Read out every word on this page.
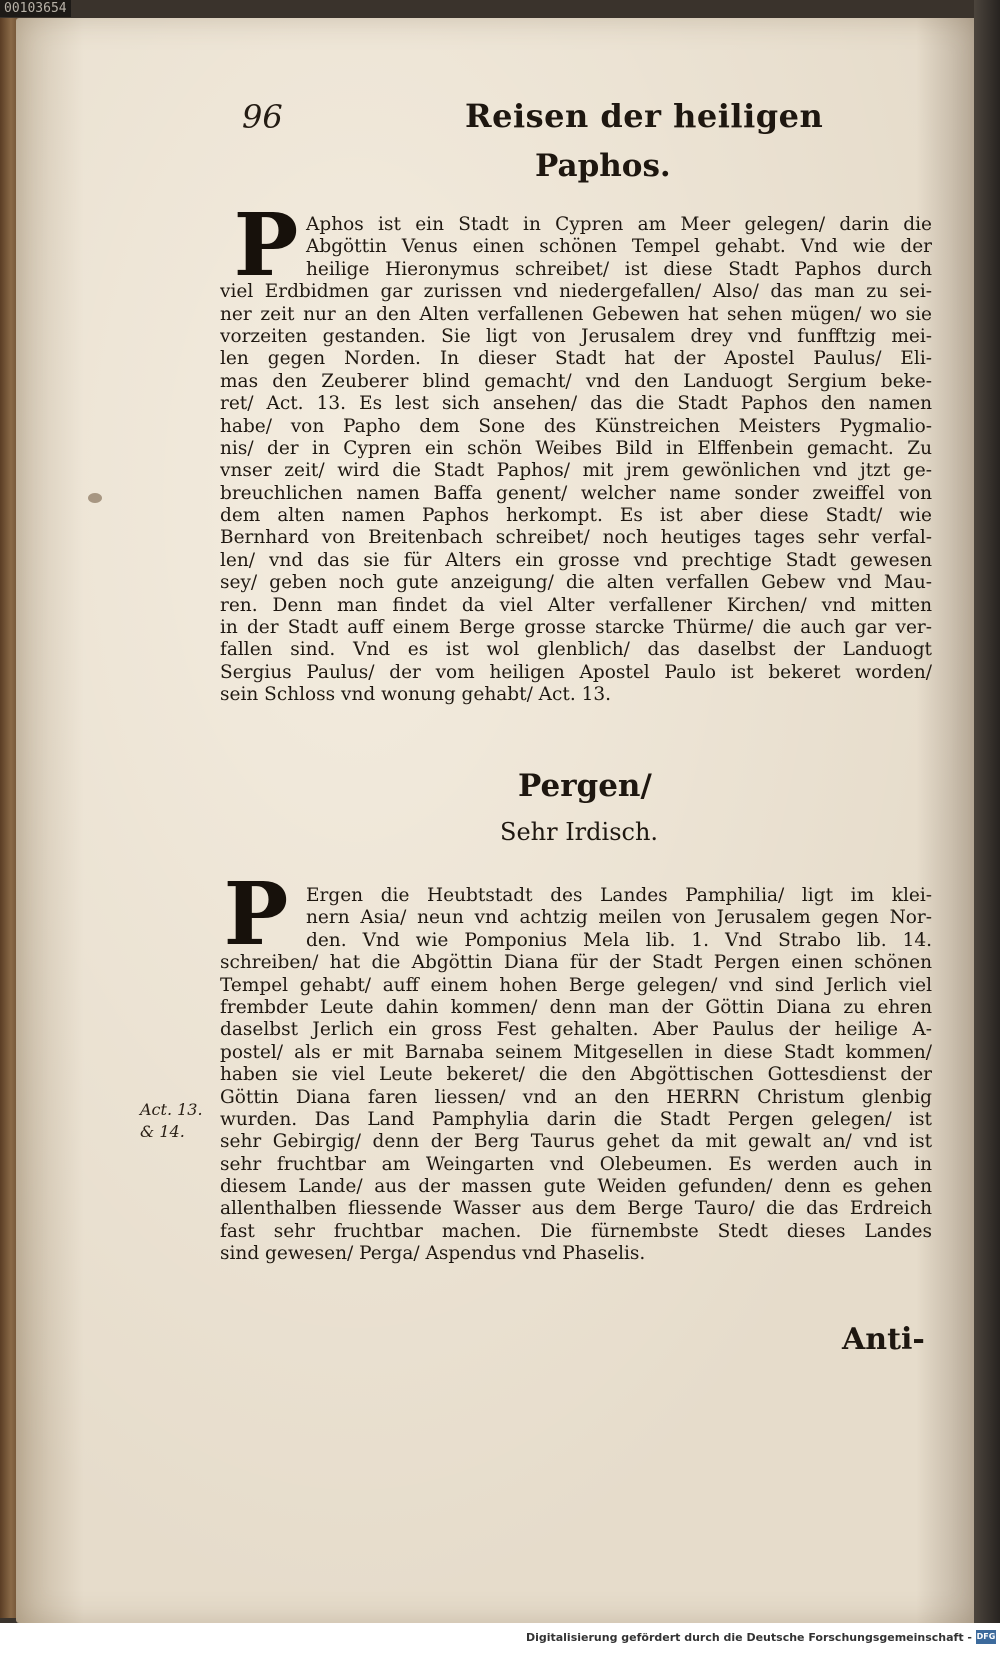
00103654
96	Reisen der heiligen
Paphos.
P Aphos ist ein Stadt in Cypren am Meer gelegen/ darin die
Abgöttin Venus einen schönen Tempel gehabt. Vnd wie der
heilige Hieronymus schreibet/ ist diese Stadt Paphos durch
viel Erdbidmen gar zurissen vnd niedergefallen/ Also/ das man zu sei-
ner zeit nur an den Alten verfallenen Gebewen hat sehen mügen/ wo sie
vorzeiten gestanden. Sie ligt von Jerusalem drey vnd funfftzig mei-
len gegen Norden. In dieser Stadt hat der Apostel Paulus/ Eli-
mas den Zeuberer blind gemacht/ vnd den Landuogt Sergium beke-
ret/ Act. 13. Es lest sich ansehen/ das die Stadt Paphos den namen
habe/ von Papho dem Sone des Künstreichen Meisters Pygmalio-
nis/ der in Cypren ein schön Weibes Bild in Elffenbein gemacht. Zu
vnser zeit/ wird die Stadt Paphos/ mit jrem gewönlichen vnd jtzt ge-
breuchlichen namen Baffa genent/ welcher name sonder zweiffel von
dem alten namen Paphos herkompt. Es ist aber diese Stadt/ wie
Bernhard von Breitenbach schreibet/ noch heutiges tages sehr verfal-
len/ vnd das sie für Alters ein grosse vnd prechtige Stadt gewesen
sey/ geben noch gute anzeigung/ die alten verfallen Gebew vnd Mau-
ren. Denn man findet da viel Alter verfallener Kirchen/ vnd mitten
in der Stadt auff einem Berge grosse starcke Thürme/ die auch gar ver-
fallen sind. Vnd es ist wol glenblich/ das daselbst der Landuogt
Sergius Paulus/ der vom heiligen Apostel Paulo ist bekeret worden/
sein Schloss vnd wonung gehabt/ Act. 13.
Pergen/
Sehr Irdisch.
P Ergen die Heubtstadt des Landes Pamphilia/ ligt im klei-
nern Asia/ neun vnd achtzig meilen von Jerusalem gegen Nor-
den. Vnd wie Pomponius Mela lib. 1. Vnd Strabo lib. 14.
schreiben/ hat die Abgöttin Diana für der Stadt Pergen einen schönen
Tempel gehabt/ auff einem hohen Berge gelegen/ vnd sind Jerlich viel
frembder Leute dahin kommen/ denn man der Göttin Diana zu ehren
daselbst Jerlich ein gross Fest gehalten. Aber Paulus der heilige A-
postel/ als er mit Barnaba seinem Mitgesellen in diese Stadt kommen/
haben sie viel Leute bekeret/ die den Abgöttischen Gottesdienst der
Göttin Diana faren liessen/ vnd an den HERRN Christum glenbig
wurden. Das Land Pamphylia darin die Stadt Pergen gelegen/ ist
sehr Gebirgig/ denn der Berg Taurus gehet da mit gewalt an/ vnd ist
sehr fruchtbar am Weingarten vnd Olebeumen. Es werden auch in
diesem Lande/ aus der massen gute Weiden gefunden/ denn es gehen
allenthalben fliessende Wasser aus dem Berge Tauro/ die das Erdreich
fast sehr fruchtbar machen. Die fürnembste Stedt dieses Landes
sind gewesen/ Perga/ Aspendus vnd Phaselis.
Act. 13.
& 14.
Anti-
Digitalisierung gefördert durch die Deutsche Forschungsgemeinschaft - DFG
